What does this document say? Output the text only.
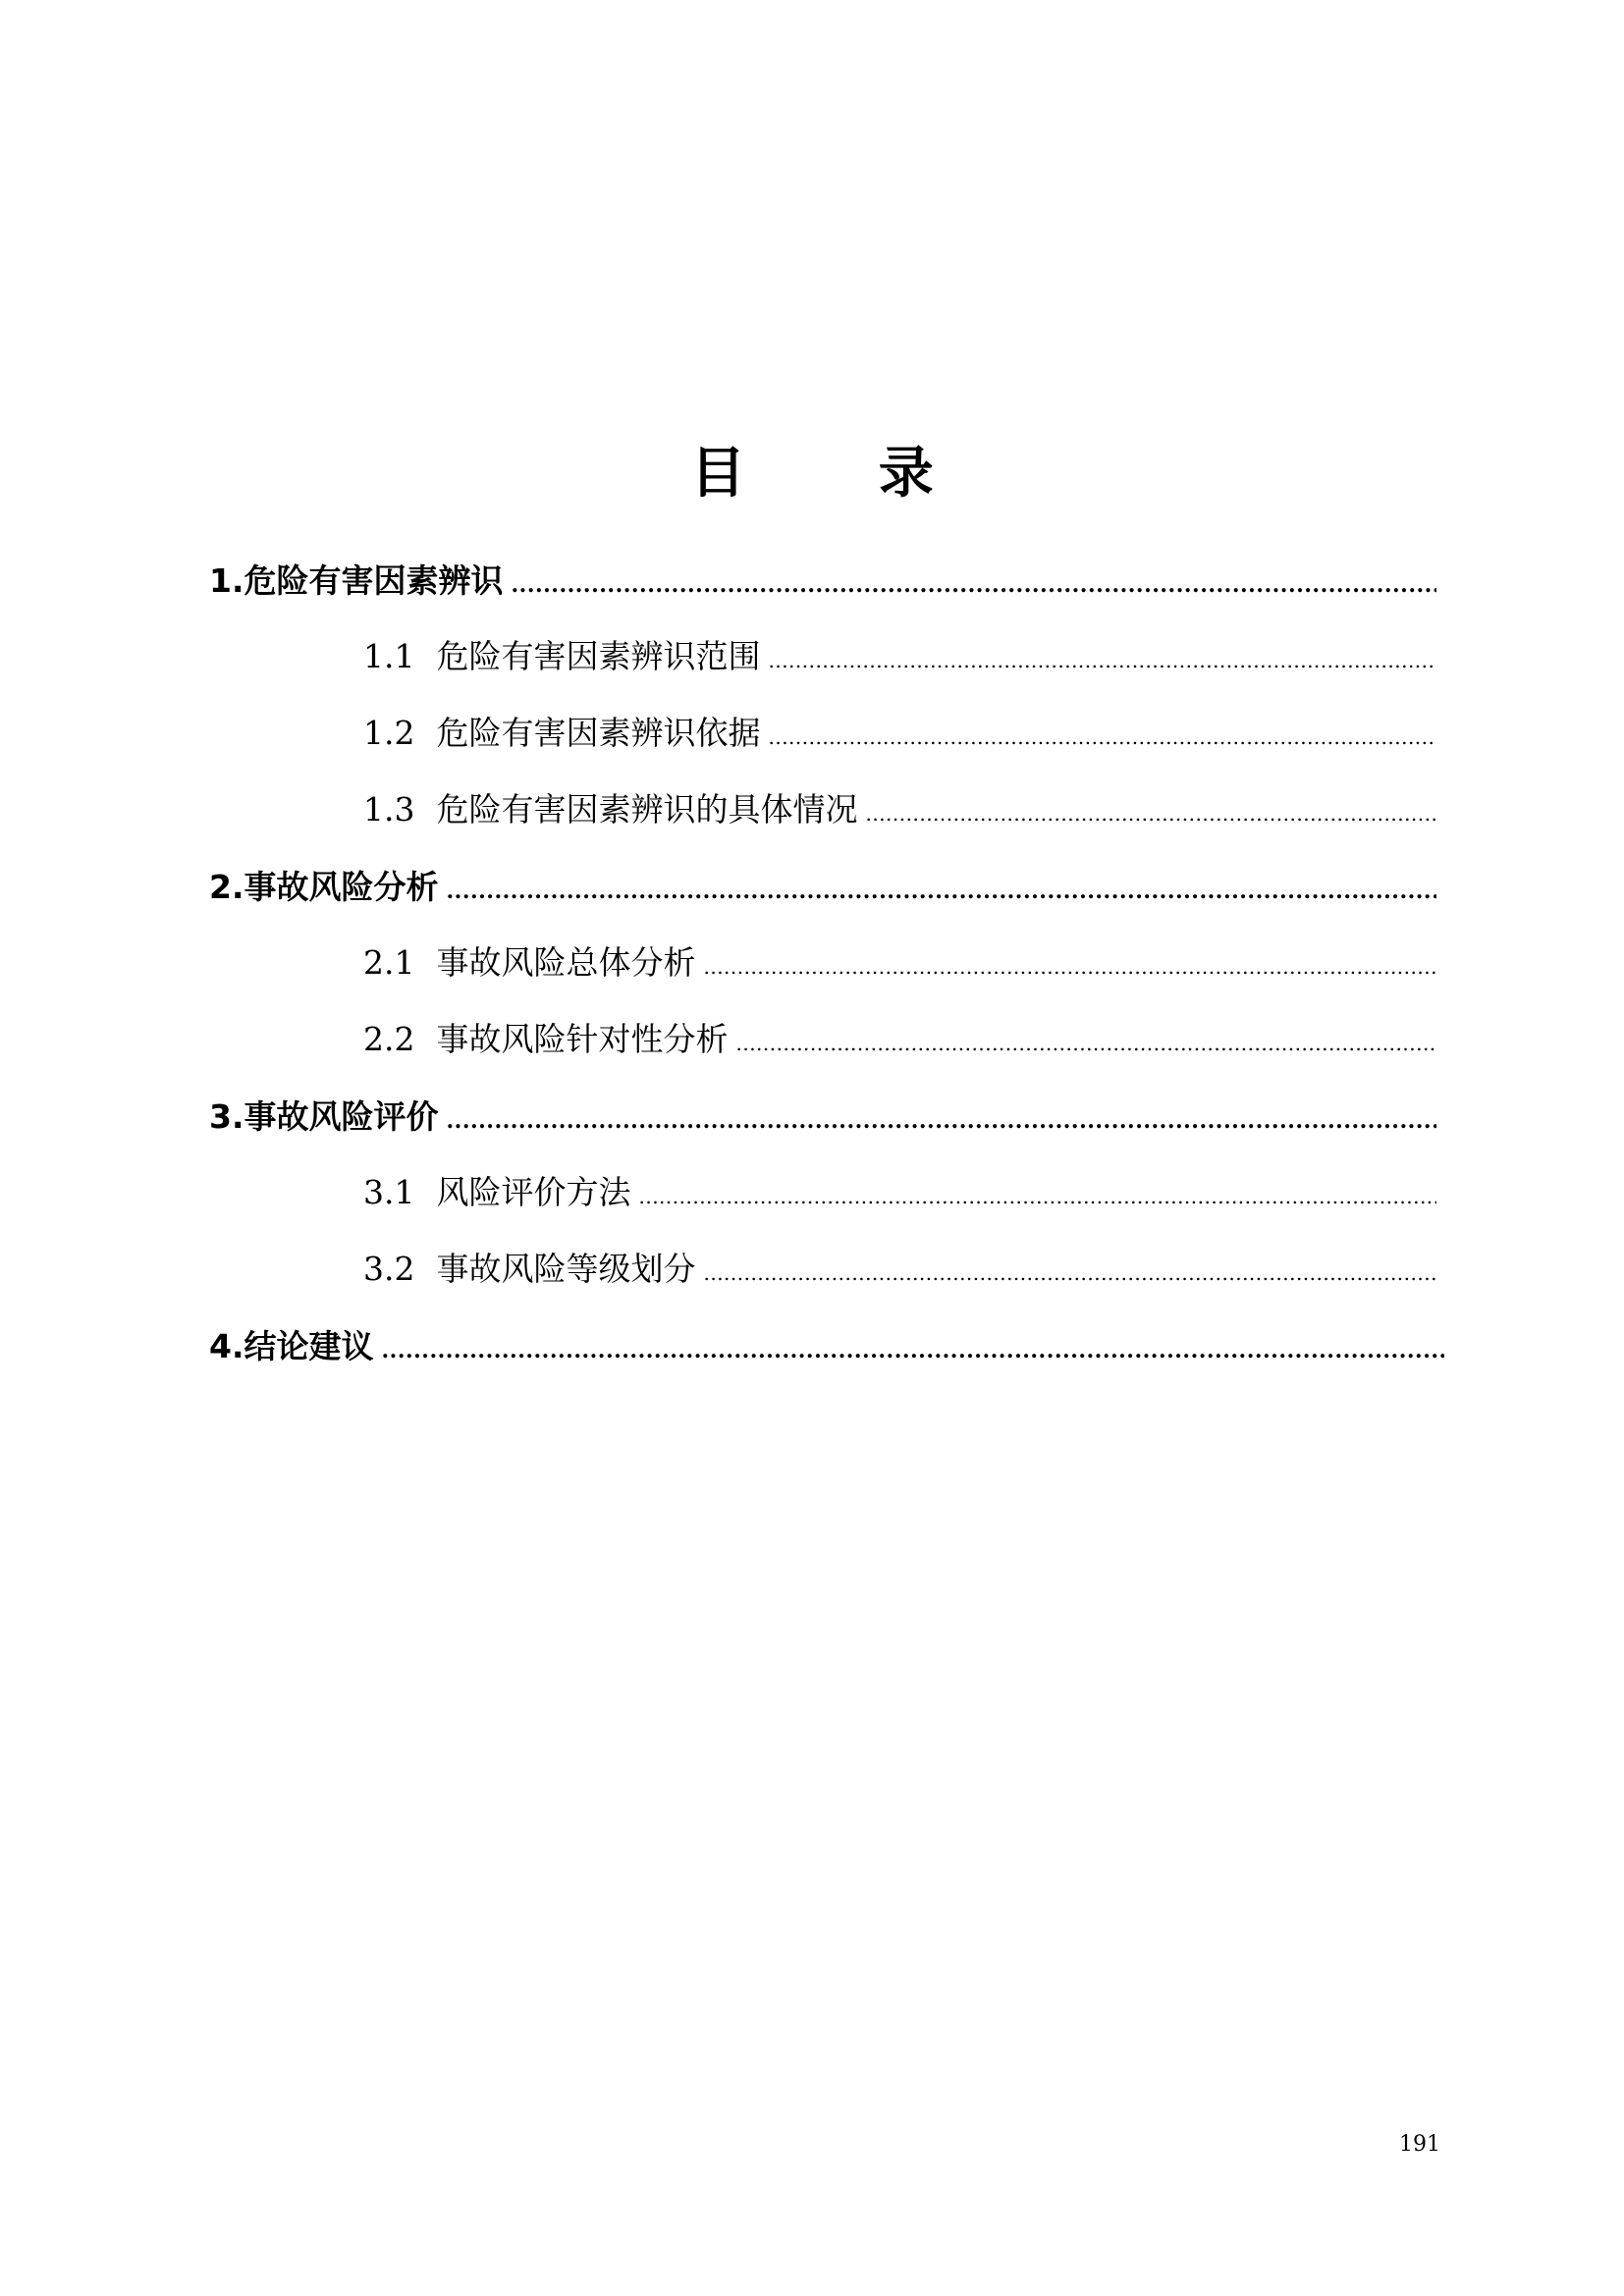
目 录
1. 危险有害因素辨识
.....
1.1 危险有害因素辨识范围
.....
1.2 危险有害因素辨识依据
.....
1.3 危险有害因素辨识的具体情况
.....
2. 事故风险分析
.....
2.1 事故风险总体分析
.....
2.2 事故风险针对性分析
.....
3. 事故风险评价
.....
3.1 风险评价方法
.....
3.2 事故风险等级划分
.....
4. 结论建议
.....
191
